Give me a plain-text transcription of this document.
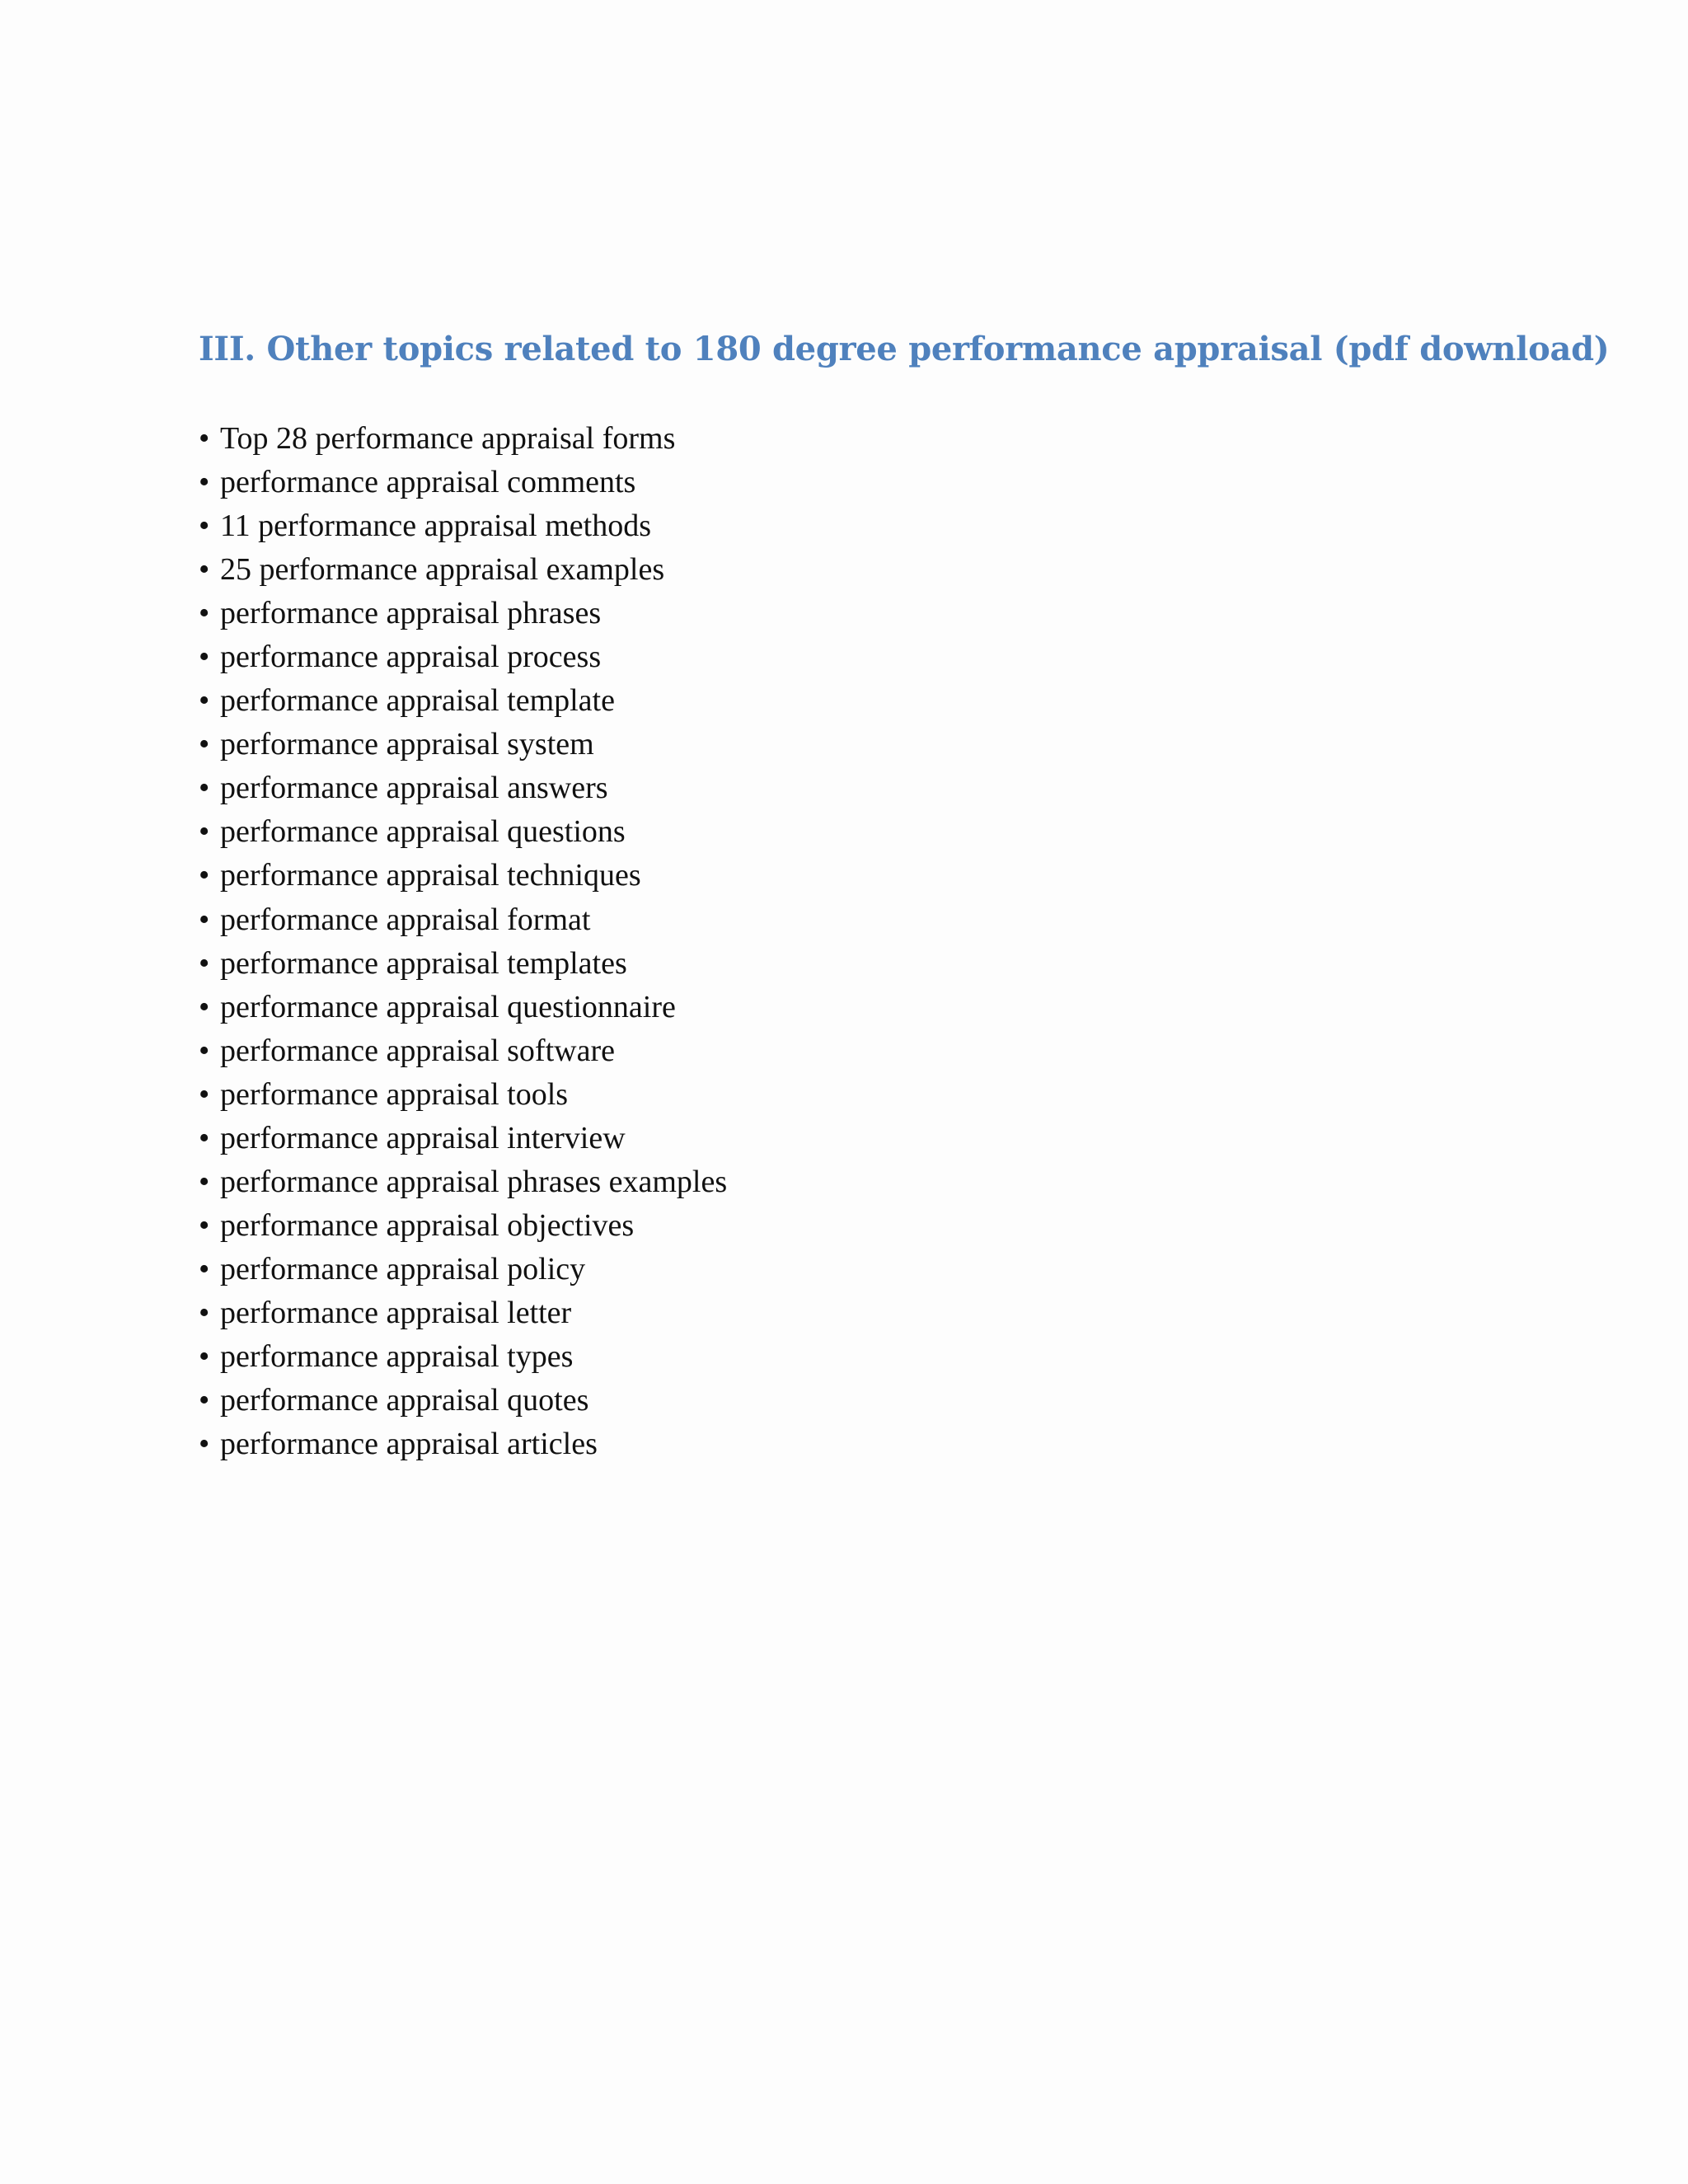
III. Other topics related to 180 degree performance appraisal (pdf download)
• Top 28 performance appraisal forms
• performance appraisal comments
• 11 performance appraisal methods
• 25 performance appraisal examples
• performance appraisal phrases
• performance appraisal process
• performance appraisal template
• performance appraisal system
• performance appraisal answers
• performance appraisal questions
• performance appraisal techniques
• performance appraisal format
• performance appraisal templates
• performance appraisal questionnaire
• performance appraisal software
• performance appraisal tools
• performance appraisal interview
• performance appraisal phrases examples
• performance appraisal objectives
• performance appraisal policy
• performance appraisal letter
• performance appraisal types
• performance appraisal quotes
• performance appraisal articles
